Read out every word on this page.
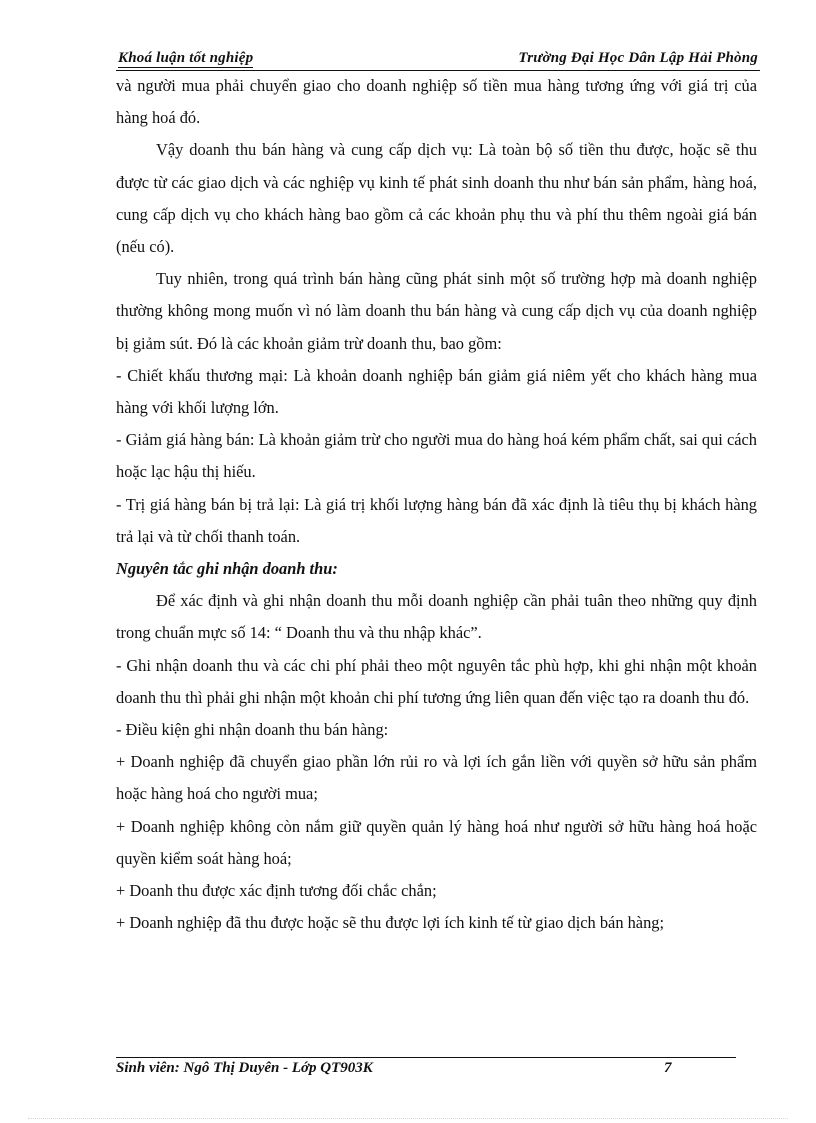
Khoá luận tốt nghiệp	Trường Đại Học Dân Lập Hải Phòng

và người mua phải chuyển giao cho doanh nghiệp số tiền mua hàng tương ứng với giá trị của hàng hoá đó.

Vậy doanh thu bán hàng và cung cấp dịch vụ: Là toàn bộ số tiền thu được, hoặc sẽ thu được từ các giao dịch và các nghiệp vụ kinh tế phát sinh doanh thu như bán sản phẩm, hàng hoá, cung cấp dịch vụ cho khách hàng bao gồm cả các khoản phụ thu và phí thu thêm ngoài giá bán (nếu có).

Tuy nhiên, trong quá trình bán hàng cũng phát sinh một số trường hợp mà doanh nghiệp thường không mong muốn vì nó làm doanh thu bán hàng và cung cấp dịch vụ của doanh nghiệp bị giảm sút. Đó là các khoản giảm trừ doanh thu, bao gồm:

- Chiết khấu thương mại: Là khoản doanh nghiệp bán giảm giá niêm yết cho khách hàng mua hàng với khối lượng lớn.

- Giảm giá hàng bán: Là khoản giảm trừ cho người mua do hàng hoá kém phẩm chất, sai qui cách hoặc lạc hậu thị hiếu.

- Trị giá hàng bán bị trả lại: Là giá trị khối lượng hàng bán đã xác định là tiêu thụ bị khách hàng trả lại và từ chối thanh toán.

Nguyên tắc ghi nhận doanh thu:

Để xác định và ghi nhận doanh thu mỗi doanh nghiệp cần phải tuân theo những quy định trong chuẩn mực số 14: “ Doanh thu và thu nhập khác”.

- Ghi nhận doanh thu và các chi phí phải theo một nguyên tắc phù hợp, khi ghi nhận một khoản doanh thu thì phải ghi nhận một khoản chi phí tương ứng liên quan đến việc tạo ra doanh thu đó.

- Điều kiện ghi nhận doanh thu bán hàng:

+ Doanh nghiệp đã chuyển giao phần lớn rủi ro và lợi ích gắn liền với quyền sở hữu sản phẩm hoặc hàng hoá cho người mua;

+ Doanh nghiệp không còn nắm giữ quyền quản lý hàng hoá như người sở hữu hàng hoá hoặc quyền kiểm soát hàng hoá;

+ Doanh thu được xác định tương đối chắc chắn;

+ Doanh nghiệp đã thu được hoặc sẽ thu được lợi ích kinh tế từ giao dịch bán hàng;

Sinh viên: Ngô Thị Duyên - Lớp QT903K	7
